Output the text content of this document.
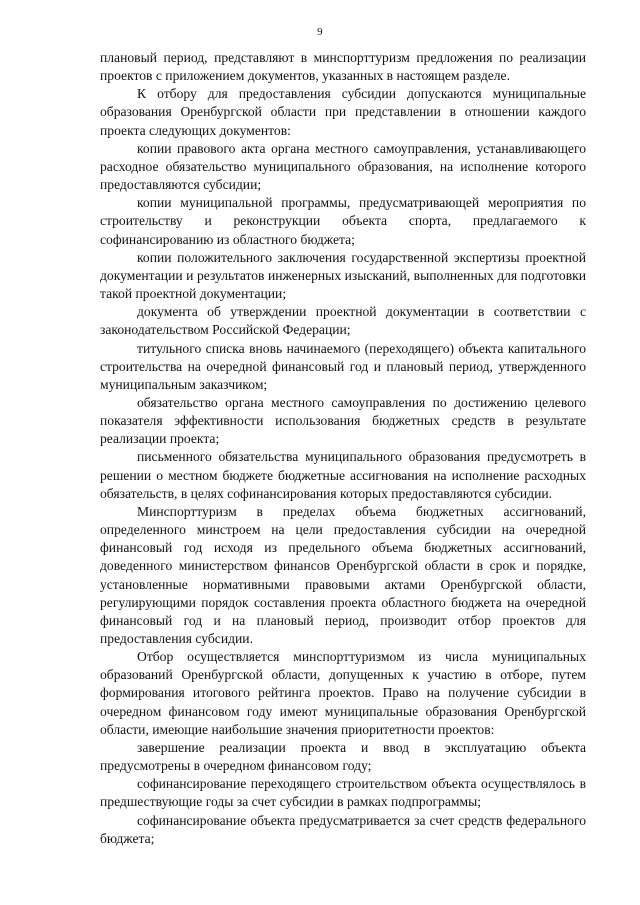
9

плановый период, представляют в минспорттуризм предложения по реализации проектов с приложением документов, указанных в настоящем разделе.

К отбору для предоставления субсидии допускаются муниципальные образования Оренбургской области при представлении в отношении каждого проекта следующих документов:

копии правового акта органа местного самоуправления, устанавливающего расходное обязательство муниципального образования, на исполнение которого предоставляются субсидии;

копии муниципальной программы, предусматривающей мероприятия по строительству и реконструкции объекта спорта, предлагаемого к софинансированию из областного бюджета;

копии положительного заключения государственной экспертизы проектной документации и результатов инженерных изысканий, выполненных для подготовки такой проектной документации;

документа об утверждении проектной документации в соответствии с законодательством Российской Федерации;

титульного списка вновь начинаемого (переходящего) объекта капитального строительства на очередной финансовый год и плановый период, утвержденного муниципальным заказчиком;

обязательство органа местного самоуправления по достижению целевого показателя эффективности использования бюджетных средств в результате реализации проекта;

письменного обязательства муниципального образования предусмотреть в решении о местном бюджете бюджетные ассигнования на исполнение расходных обязательств, в целях софинансирования которых предоставляются субсидии.

Минспорттуризм в пределах объема бюджетных ассигнований, определенного минстроем на цели предоставления субсидии на очередной финансовый год исходя из предельного объема бюджетных ассигнований, доведенного министерством финансов Оренбургской области в срок и порядке, установленные нормативными правовыми актами Оренбургской области, регулирующими порядок составления проекта областного бюджета на очередной финансовый год и на плановый период, производит отбор проектов для предоставления субсидии.

Отбор осуществляется минспорттуризмом из числа муниципальных образований Оренбургской области, допущенных к участию в отборе, путем формирования итогового рейтинга проектов. Право на получение субсидии в очередном финансовом году имеют муниципальные образования Оренбургской области, имеющие наибольшие значения приоритетности проектов:

завершение реализации проекта и ввод в эксплуатацию объекта предусмотрены в очередном финансовом году;

софинансирование переходящего строительством объекта осуществлялось в предшествующие годы за счет субсидии в рамках подпрограммы;

софинансирование объекта предусматривается за счет средств федерального бюджета;
